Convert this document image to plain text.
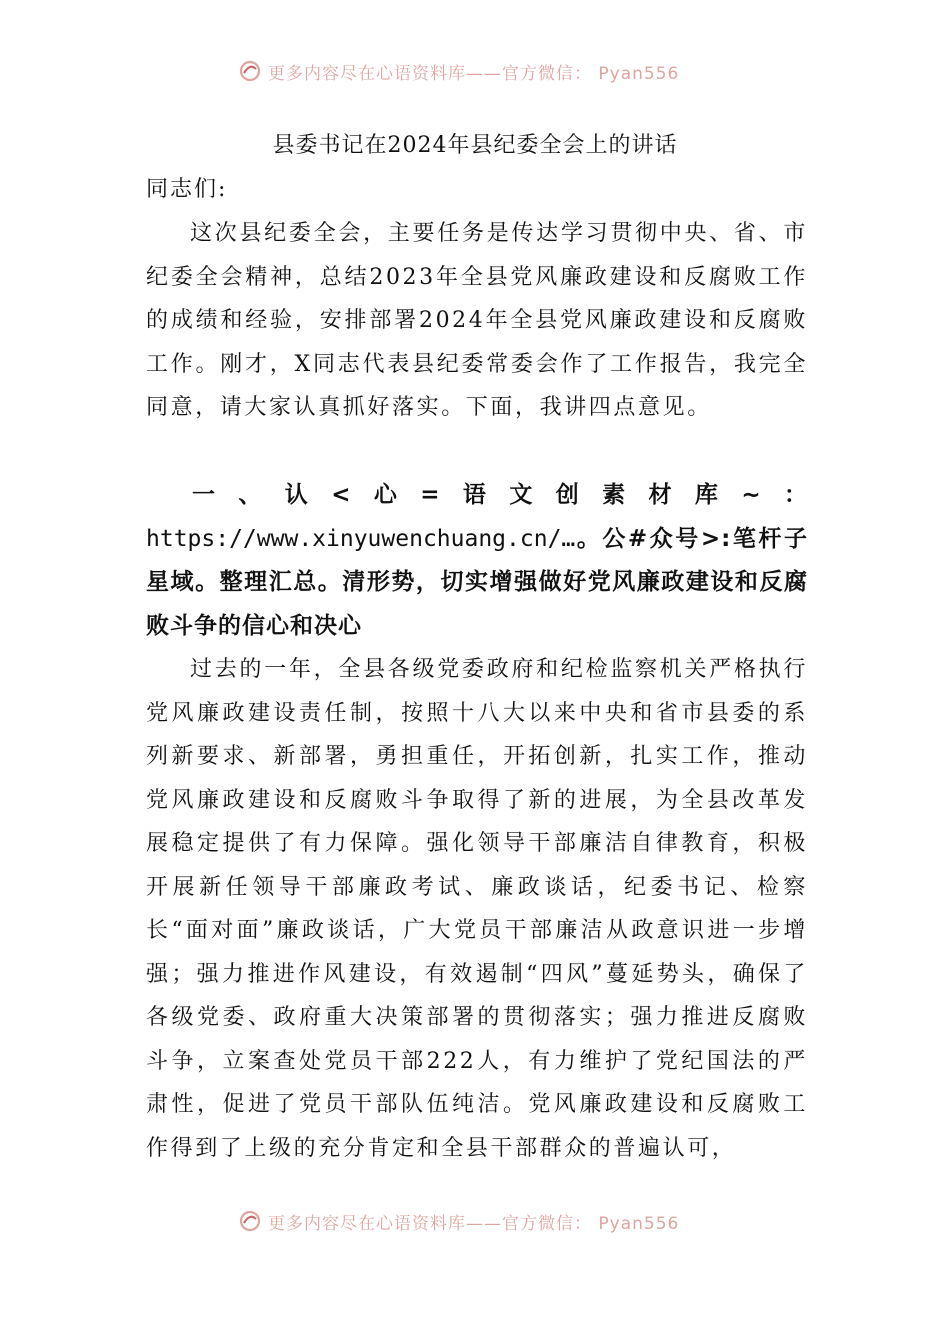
更多内容尽在心语资料库——官方微信： Pyan556
县委书记在2024年县纪委全会上的讲话
同志们:

这次县纪委全会，主要任务是传达学习贯彻中央、省、市纪委全会精神，总结2023年全县党风廉政建设和反腐败工作的成绩和经验，安排部署2024年全县党风廉政建设和反腐败工作。刚才，X同志代表县纪委常委会作了工作报告，我完全同意，请大家认真抓好落实。下面，我讲四点意见。

一、认<心=语文创素材库~：https://www.xinyuwenchuang.cn/…。公#众号>:笔杆子星域。整理汇总。清形势，切实增强做好党风廉政建设和反腐败斗争的信心和决心

过去的一年，全县各级党委政府和纪检监察机关严格执行党风廉政建设责任制，按照十八大以来中央和省市县委的系列新要求、新部署，勇担重任，开拓创新，扎实工作，推动党风廉政建设和反腐败斗争取得了新的进展，为全县改革发展稳定提供了有力保障。强化领导干部廉洁自律教育，积极开展新任领导干部廉政考试、廉政谈话，纪委书记、检察长“面对面”廉政谈话，广大党员干部廉洁从政意识进一步增强；强力推进作风建设，有效遏制“四风”蔓延势头，确保了各级党委、政府重大决策部署的贯彻落实；强力推进反腐败斗争，立案查处党员干部222人，有力维护了党纪国法的严肃性，促进了党员干部队伍纯洁。党风廉政建设和反腐败工作得到了上级的充分肯定和全县干部群众的普遍认可，

更多内容尽在心语资料库——官方微信： Pyan556
